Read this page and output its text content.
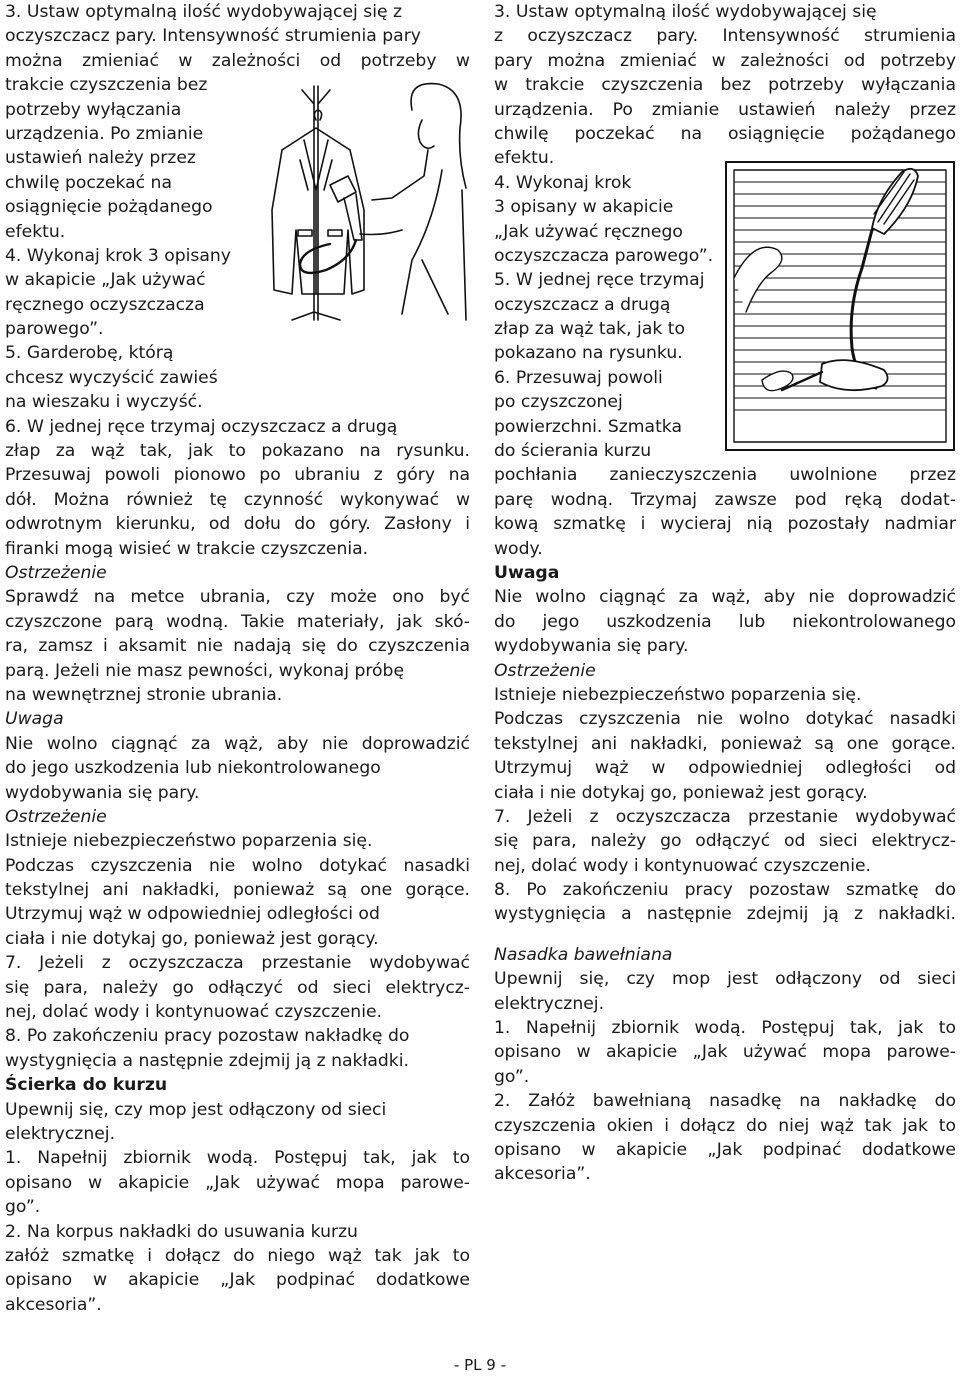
3. Ustaw optymalną ilość wydobywającej się z
oczyszczacz pary. Intensywność strumienia pary
można zmieniać w zależności od potrzeby w
trakcie czyszczenia bez
potrzeby wyłączania
urządzenia. Po zmianie
ustawień należy przez
chwilę poczekać na
osiągnięcie pożądanego
efektu.
4. Wykonaj krok 3 opisany
w akapicie „Jak używać
ręcznego oczyszczacza
parowego”.
5. Garderobę, którą
chcesz wyczyścić zawieś
na wieszaku i wyczyść.
6. W jednej ręce trzymaj oczyszczacz a drugą
złap za wąż tak, jak to pokazano na rysunku.
Przesuwaj powoli pionowo po ubraniu z góry na
dół. Można również tę czynność wykonywać w
odwrotnym kierunku, od dołu do góry. Zasłony i
firanki mogą wisieć w trakcie czyszczenia.
Ostrzeżenie
Sprawdź na metce ubrania, czy może ono być
czyszczone parą wodną. Takie materiały, jak skó-
ra, zamsz i aksamit nie nadają się do czyszczenia
parą. Jeżeli nie masz pewności, wykonaj próbę
na wewnętrznej stronie ubrania.
Uwaga
Nie wolno ciągnąć za wąż, aby nie doprowadzić
do jego uszkodzenia lub niekontrolowanego
wydobywania się pary.
Ostrzeżenie
Istnieje niebezpieczeństwo poparzenia się.
Podczas czyszczenia nie wolno dotykać nasadki
tekstylnej ani nakładki, ponieważ są one gorące.
Utrzymuj wąż w odpowiedniej odległości od
ciała i nie dotykaj go, ponieważ jest gorący.
7. Jeżeli z oczyszczacza przestanie wydobywać
się para, należy go odłączyć od sieci elektrycz-
nej, dolać wody i kontynuować czyszczenie.
8. Po zakończeniu pracy pozostaw nakładkę do
wystygnięcia a następnie zdejmij ją z nakładki.
Ścierka do kurzu
Upewnij się, czy mop jest odłączony od sieci
elektrycznej.
1. Napełnij zbiornik wodą. Postępuj tak, jak to
opisano w akapicie „Jak używać mopa parowe-
go”.
2. Na korpus nakładki do usuwania kurzu
załóż szmatkę i dołącz do niego wąż tak jak to
opisano w akapicie „Jak podpinać dodatkowe
akcesoria”.
3. Ustaw optymalną ilość wydobywającej się
z oczyszczacz pary. Intensywność strumienia
pary można zmieniać w zależności od potrzeby
w trakcie czyszczenia bez potrzeby wyłączania
urządzenia. Po zmianie ustawień należy przez
chwilę poczekać na osiągnięcie pożądanego
efektu.
4. Wykonaj krok
3 opisany w akapicie
„Jak używać ręcznego
oczyszczacza parowego”.
5. W jednej ręce trzymaj
oczyszczacz a drugą
złap za wąż tak, jak to
pokazano na rysunku.
6. Przesuwaj powoli
po czyszczonej
powierzchni. Szmatka
do ścierania kurzu
pochłania zanieczyszczenia uwolnione przez
parę wodną. Trzymaj zawsze pod ręką dodat-
kową szmatkę i wycieraj nią pozostały nadmiar
wody.
Uwaga
Nie wolno ciągnąć za wąż, aby nie doprowadzić
do jego uszkodzenia lub niekontrolowanego
wydobywania się pary.
Ostrzeżenie
Istnieje niebezpieczeństwo poparzenia się.
Podczas czyszczenia nie wolno dotykać nasadki
tekstylnej ani nakładki, ponieważ są one gorące.
Utrzymuj wąż w odpowiedniej odległości od
ciała i nie dotykaj go, ponieważ jest gorący.
7. Jeżeli z oczyszczacza przestanie wydobywać
się para, należy go odłączyć od sieci elektrycz-
nej, dolać wody i kontynuować czyszczenie.
8. Po zakończeniu pracy pozostaw szmatkę do
wystygnięcia a następnie zdejmij ją z nakładki.
Nasadka bawełniana
Upewnij się, czy mop jest odłączony od sieci
elektrycznej.
1. Napełnij zbiornik wodą. Postępuj tak, jak to
opisano w akapicie „Jak używać mopa parowe-
go”.
2. Załóż bawełnianą nasadkę na nakładkę do
czyszczenia okien i dołącz do niej wąż tak jak to
opisano w akapicie „Jak podpinać dodatkowe
akcesoria”.
- PL 9 -
